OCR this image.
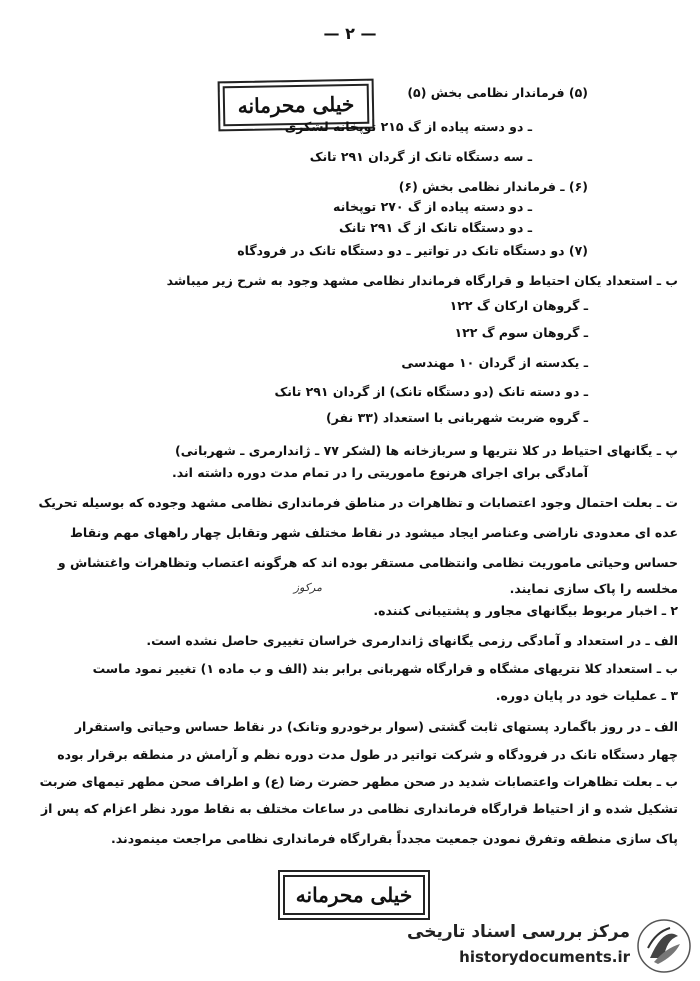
— ۲ —
خیلی محرمانه	(۵) فرماندار نظامی بخش (۵)
ـ دو دسته پیاده از گ ۲۱۵ توپخانه لشکری
ـ سه دستگاه تانک از گردان ۲۹۱ تانک
(۶) ـ فرماندار نظامی بخش (۶)
ـ دو دسته پیاده از گ ۲۷۰ توپخانه
ـ دو دستگاه تانک از گ ۲۹۱ تانک
(۷) دو دستگاه تانک در تواتیر ـ دو دستگاه تانک در فرودگاه
ب ـ استعداد یکان احتیاط و قرارگاه فرماندار نظامی مشهد وجود به شرح زیر میباشد
ـ گروهان ارکان گ ۱۲۲
ـ گروهان سوم گ ۱۲۲
ـ یکدسته از گردان ۱۰ مهندسی
ـ دو دسته تانک (دو دستگاه تانک) از گردان ۲۹۱ تانک
ـ گروه ضربت شهربانی با استعداد (۳۳ نفر)
پ ـ یگانهای احتیاط در کلا نتریها و سربازخانه ها (لشکر ۷۷ ـ ژاندارمری ـ شهربانی)
آمادگی برای اجرای هرنوع ماموریتی را در تمام مدت دوره داشته اند.
ت ـ بعلت احتمال وجود اعتصابات و تظاهرات در مناطق فرمانداری نظامی مشهد وجوده که بوسیله تحریک
عده ای معدودی ناراضی وعناصر ایجاد میشود در نقاط مختلف شهر وتقابل چهار راههای مهم ونقاط
حساس وحیاتی ماموریت نظامی وانتظامی مستقر بوده اند که هرگونه اعتصاب وتظاهرات واغتشاش و
مخلسه را پاک سازی نمایند.
مرکوز
۲ ـ اخبار مربوط بیگانهای مجاور و پشتیبانی کننده.
الف ـ در استعداد و آمادگی رزمی یگانهای ژاندارمری خراسان تغییری حاصل نشده است.
ب ـ استعداد کلا نتریهای مشگاه و قرارگاه شهربانی برابر بند (الف و ب ماده ۱) تغییر نمود ماست
۳ ـ عملیات خود در پایان دوره.
الف ـ در روز باگمارد پستهای ثابت گشتی (سوار برخودرو وتانک) در نقاط حساس وحیاتی واستقرار
چهار دستگاه تانک در فرودگاه و شرکت تواتیر در طول مدت دوره نظم و آرامش در منطقه برقرار بوده
ب ـ بعلت تظاهرات واعتصابات شدید در صحن مطهر حضرت رضا (ع) و اطراف صحن مطهر تیمهای ضربت
تشکیل شده و از احتیاط قرارگاه فرمانداری نظامی در ساعات مختلف به نقاط مورد نظر اعزام که پس از
پاک سازی منطقه وتفرق نمودن جمعیت مجدداً بقرارگاه فرمانداری نظامی مراجعت مینمودند.
خیلی محرمانه
مرکز بررسی اسناد تاریخی
historydocuments.ir
